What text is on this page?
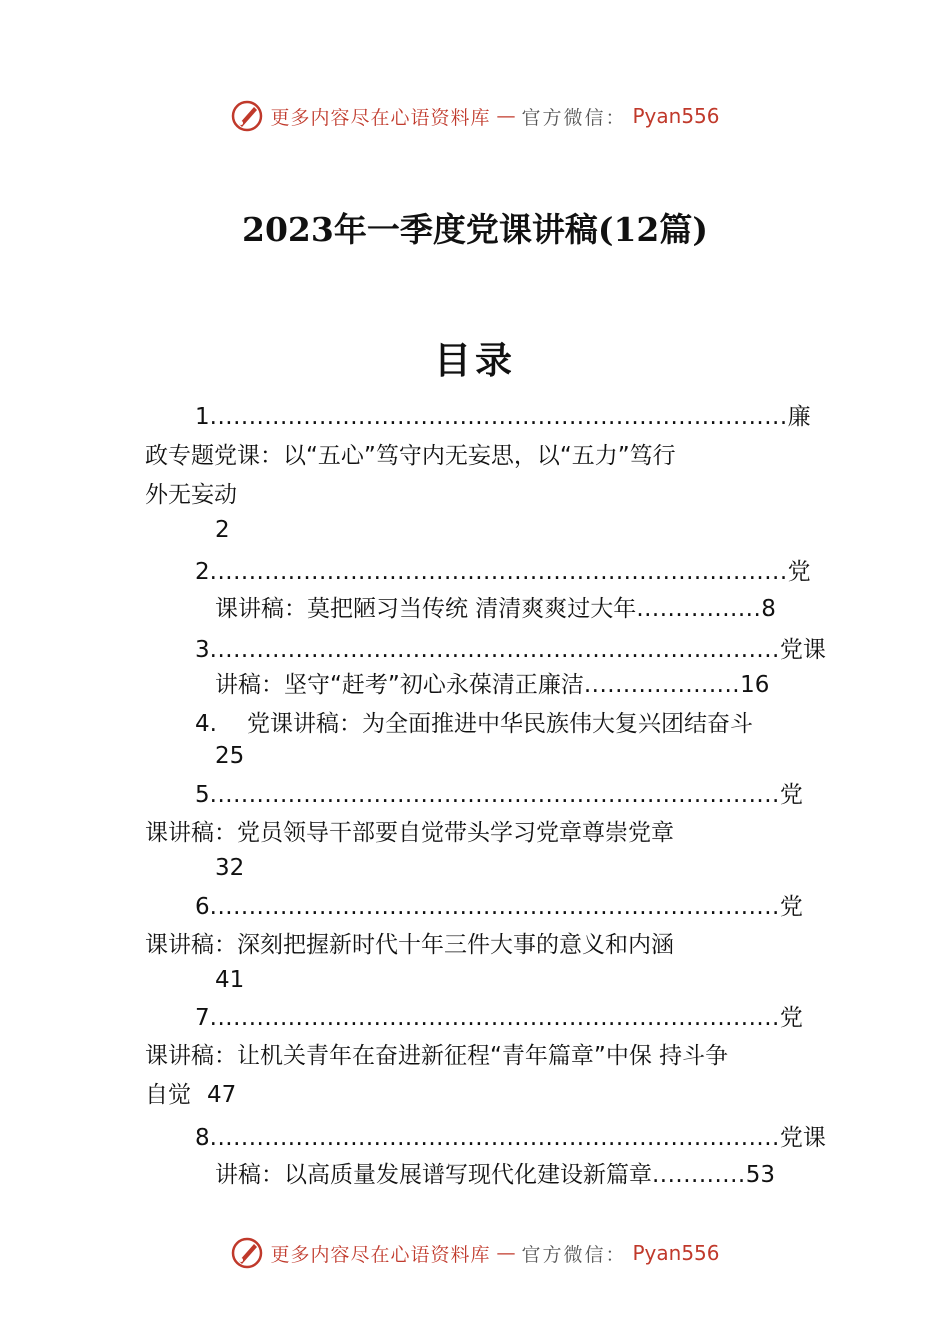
更多内容尽在心语资料库 — 官方微信： Pyan556
2023年一季度党课讲稿(12篇)
目录
1..........................................................................廉
政专题党课：以“五心”笃守内无妄思，以“五力”笃行
外无妄动
2
2..........................................................................党
课讲稿：莫把陋习当传统 清清爽爽过大年................8
3.........................................................................党课
讲稿：坚守“赶考”初心永葆清正廉洁....................16
4. 党课讲稿：为全面推进中华民族伟大复兴团结奋斗
25
5.........................................................................党
课讲稿：党员领导干部要自觉带头学习党章尊崇党章
32
6.........................................................................党
课讲稿：深刻把握新时代十年三件大事的意义和内涵
41
7.........................................................................党
课讲稿：让机关青年在奋进新征程“青年篇章”中保 持斗争
自觉 47
8.........................................................................党课
讲稿：以高质量发展谱写现代化建设新篇章............53
更多内容尽在心语资料库 — 官方微信： Pyan556
